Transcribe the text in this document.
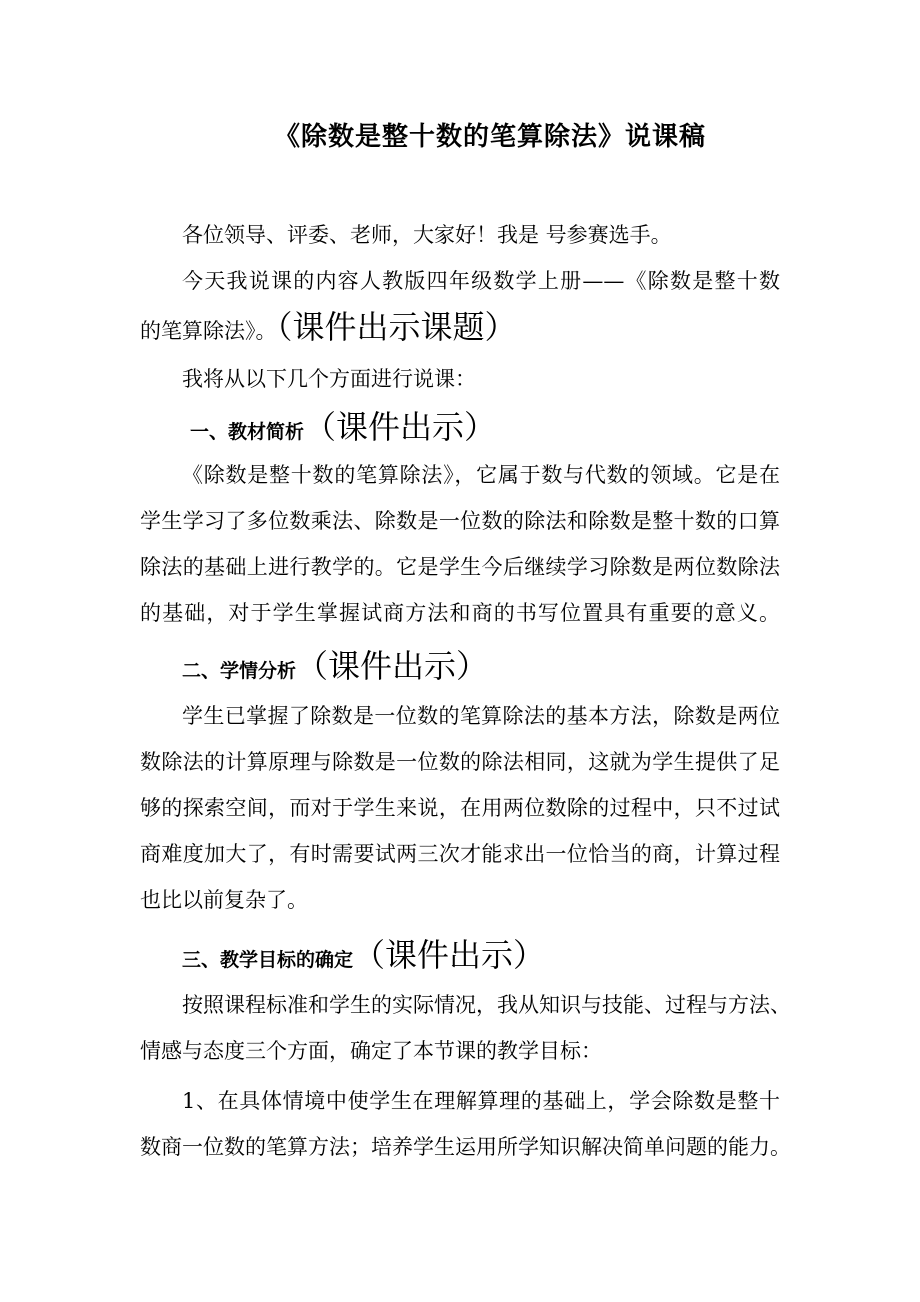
《除数是整十数的笔算除法》说课稿
各位领导、评委、老师，大家好！我是 号参赛选手。
今天我说课的内容人教版四年级数学上册——《除数是整十数
的笔算除法》。（课件出示课题）
我将从以下几个方面进行说课：
一、教材简析（课件出示）
《除数是整十数的笔算除法》，它属于数与代数的领域。它是在
学生学习了多位数乘法、除数是一位数的除法和除数是整十数的口算
除法的基础上进行教学的。它是学生今后继续学习除数是两位数除法
的基础，对于学生掌握试商方法和商的书写位置具有重要的意义。
二、学情分析（课件出示）
学生已掌握了除数是一位数的笔算除法的基本方法，除数是两位
数除法的计算原理与除数是一位数的除法相同，这就为学生提供了足
够的探索空间，而对于学生来说，在用两位数除的过程中，只不过试
商难度加大了，有时需要试两三次才能求出一位恰当的商，计算过程
也比以前复杂了。
三、教学目标的确定（课件出示）
按照课程标准和学生的实际情况，我从知识与技能、过程与方法、
情感与态度三个方面，确定了本节课的教学目标：
1、在具体情境中使学生在理解算理的基础上，学会除数是整十
数商一位数的笔算方法；培养学生运用所学知识解决简单问题的能力。
